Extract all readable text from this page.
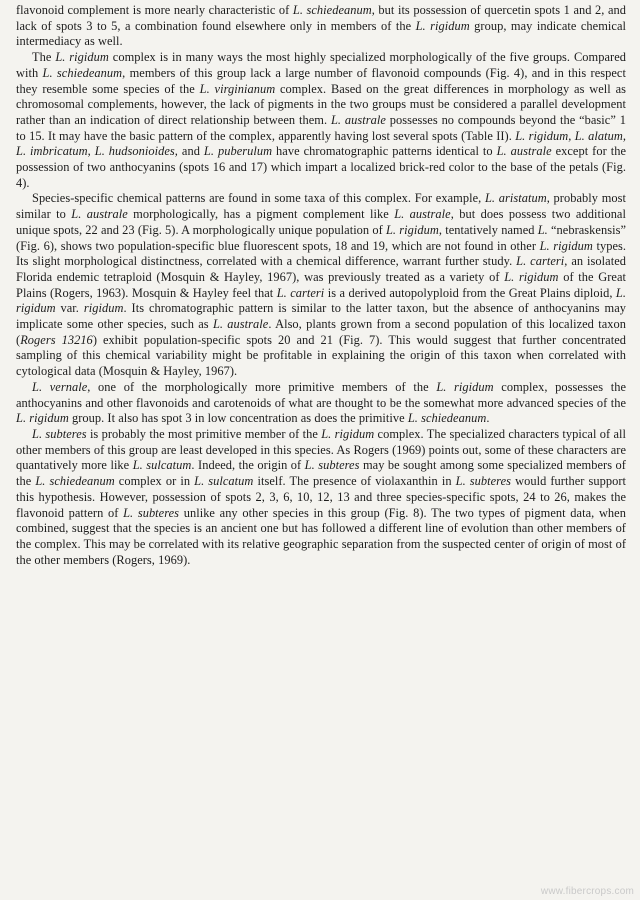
flavonoid complement is more nearly characteristic of L. schiedeanum, but its possession of quercetin spots 1 and 2, and lack of spots 3 to 5, a combination found elsewhere only in members of the L. rigidum group, may indicate chemical intermediacy as well.

The L. rigidum complex is in many ways the most highly specialized morphologically of the five groups. Compared with L. schiedeanum, members of this group lack a large number of flavonoid compounds (Fig. 4), and in this respect they resemble some species of the L. virginianum complex. Based on the great differences in morphology as well as chromosomal complements, however, the lack of pigments in the two groups must be considered a parallel development rather than an indication of direct relationship between them. L. australe possesses no compounds beyond the “basic” 1 to 15. It may have the basic pattern of the complex, apparently having lost several spots (Table II). L. rigidum, L. alatum, L. imbricatum, L. hudsonioides, and L. puberulum have chromatographic patterns identical to L. australe except for the possession of two anthocyanins (spots 16 and 17) which impart a localized brick-red color to the base of the petals (Fig. 4).

Species-specific chemical patterns are found in some taxa of this complex. For example, L. aristatum, probably most similar to L. australe morphologically, has a pigment complement like L. australe, but does possess two additional unique spots, 22 and 23 (Fig. 5). A morphologically unique population of L. rigidum, tentatively named L. “nebraskensis” (Fig. 6), shows two population-specific blue fluorescent spots, 18 and 19, which are not found in other L. rigidum types. Its slight morphological distinctness, correlated with a chemical difference, warrant further study. L. carteri, an isolated Florida endemic tetraploid (Mosquin & Hayley, 1967), was previously treated as a variety of L. rigidum of the Great Plains (Rogers, 1963). Mosquin & Hayley feel that L. carteri is a derived autopolyploid from the Great Plains diploid, L. rigidum var. rigidum. Its chromatographic pattern is similar to the latter taxon, but the absence of anthocyanins may implicate some other species, such as L. australe. Also, plants grown from a second population of this localized taxon (Rogers 13216) exhibit population-specific spots 20 and 21 (Fig. 7). This would suggest that further concentrated sampling of this chemical variability might be profitable in explaining the origin of this taxon when correlated with cytological data (Mosquin & Hayley, 1967).

L. vernale, one of the morphologically more primitive members of the L. rigidum complex, possesses the anthocyanins and other flavonoids and carotenoids of what are thought to be the somewhat more advanced species of the L. rigidum group. It also has spot 3 in low concentration as does the primitive L. schiedeanum.

L. subteres is probably the most primitive member of the L. rigidum complex. The specialized characters typical of all other members of this group are least developed in this species. As Rogers (1969) points out, some of these characters are quantatively more like L. sulcatum. Indeed, the origin of L. subteres may be sought among some specialized members of the L. schiedeanum complex or in L. sulcatum itself. The presence of violaxanthin in L. subteres would further support this hypothesis. However, possession of spots 2, 3, 6, 10, 12, 13 and three species-specific spots, 24 to 26, makes the flavonoid pattern of L. subteres unlike any other species in this group (Fig. 8). The two types of pigment data, when combined, suggest that the species is an ancient one but has followed a different line of evolution than other members of the complex. This may be correlated with its relative geographic separation from the suspected center of origin of most of the other members (Rogers, 1969).

www.fibercrops.com
